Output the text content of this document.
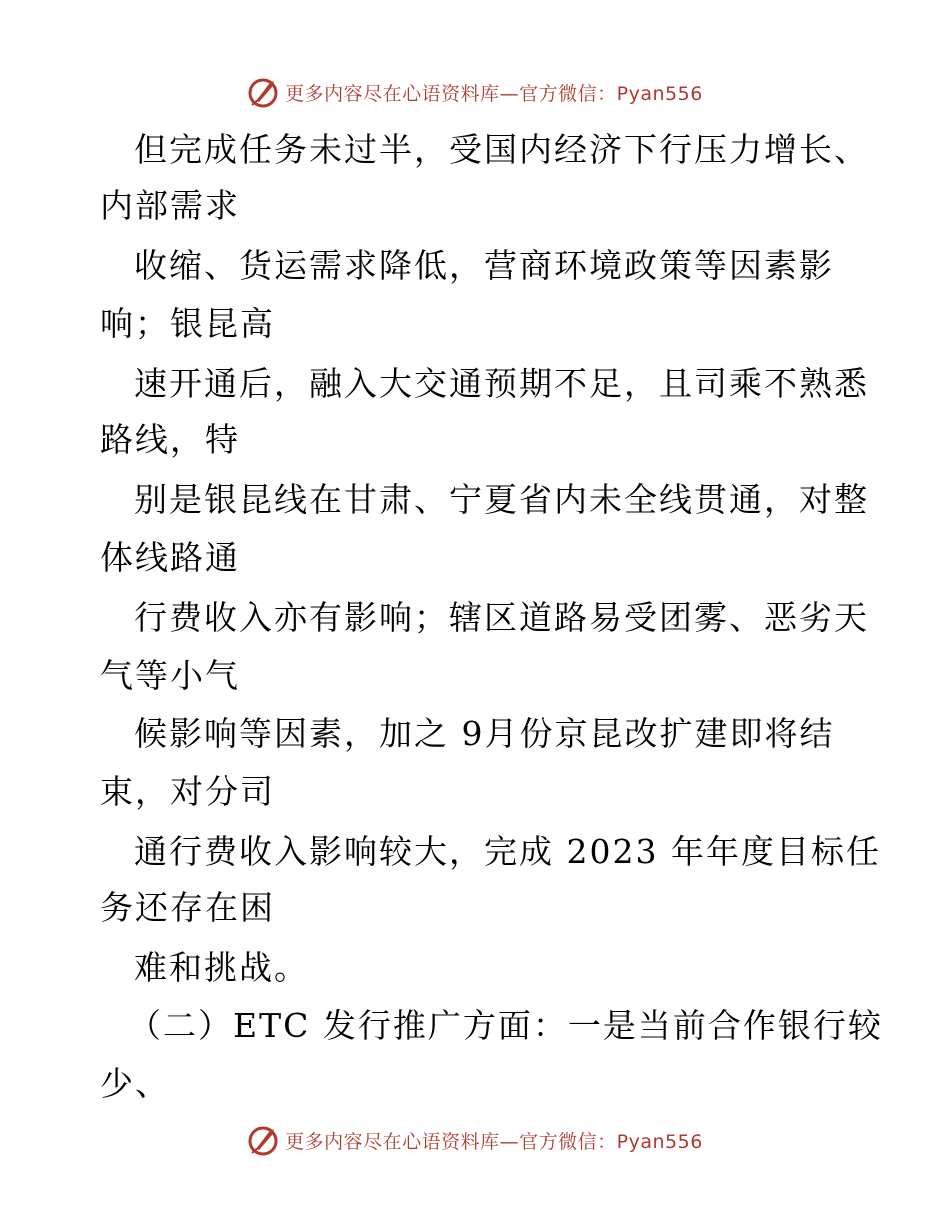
更多内容尽在心语资料库—官方微信：Pyan556
但完成任务未过半，受国内经济下行压力增长、
内部需求
收缩、货运需求降低，营商环境政策等因素影
响；银昆高
速开通后，融入大交通预期不足，且司乘不熟悉
路线，特
别是银昆线在甘肃、宁夏省内未全线贯通，对整
体线路通
行费收入亦有影响；辖区道路易受团雾、恶劣天
气等小气
候影响等因素，加之 9月份京昆改扩建即将结
束，对分司
通行费收入影响较大，完成 2023 年年度目标任
务还存在困
难和挑战。
（二）ETC 发行推广方面：一是当前合作银行较
少、
更多内容尽在心语资料库—官方微信：Pyan556
